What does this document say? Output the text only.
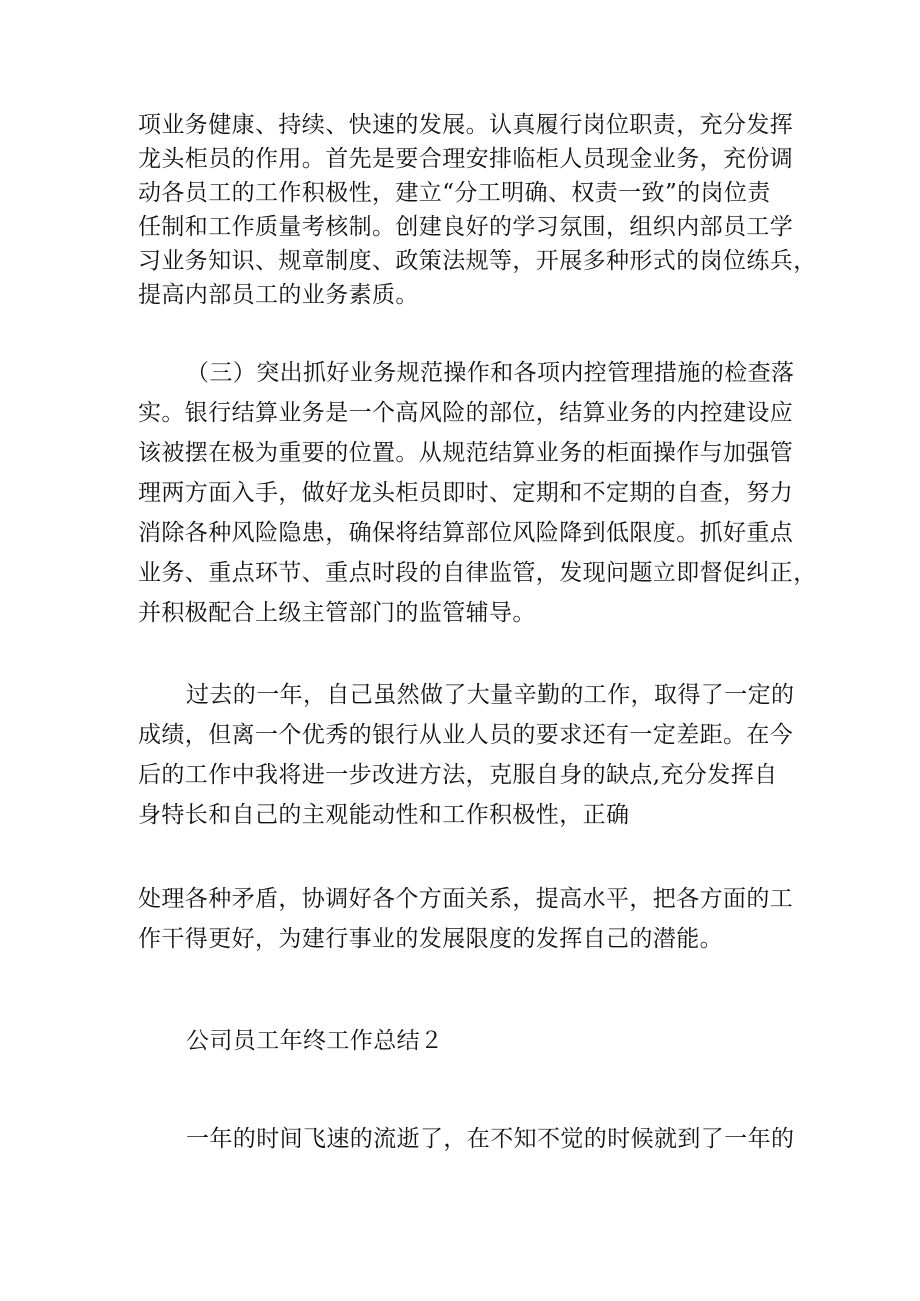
项业务健康、持续、快速的发展。认真履行岗位职责，充分发挥
龙头柜员的作用。首先是要合理安排临柜人员现金业务，充份调
动各员工的工作积极性，建立“分工明确、权责一致”的岗位责
任制和工作质量考核制。创建良好的学习氛围，组织内部员工学
习业务知识、规章制度、政策法规等，开展多种形式的岗位练兵，
提高内部员工的业务素质。
（三）突出抓好业务规范操作和各项内控管理措施的检查落
实。银行结算业务是一个高风险的部位，结算业务的内控建设应
该被摆在极为重要的位置。从规范结算业务的柜面操作与加强管
理两方面入手，做好龙头柜员即时、定期和不定期的自查，努力
消除各种风险隐患，确保将结算部位风险降到低限度。抓好重点
业务、重点环节、重点时段的自律监管，发现问题立即督促纠正，
并积极配合上级主管部门的监管辅导。
过去的一年，自己虽然做了大量辛勤的工作，取得了一定的
成绩，但离一个优秀的银行从业人员的要求还有一定差距。在今
后的工作中我将进一步改进方法，克服自身的缺点,充分发挥自
身特长和自己的主观能动性和工作积极性，正确
处理各种矛盾，协调好各个方面关系，提高水平，把各方面的工
作干得更好，为建行事业的发展限度的发挥自己的潜能。
公司员工年终工作总结２
一年的时间飞速的流逝了，在不知不觉的时候就到了一年的
